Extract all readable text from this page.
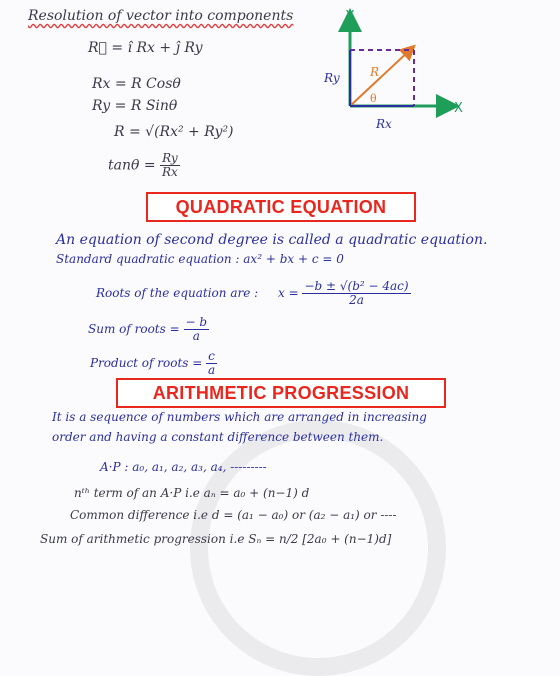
Resolution of vector into components
R⃗ = î Rx + ĵ Ry
Rx = R Cosθ
Ry = R Sinθ
R = √(Rx² + Ry²)
$\tan\theta = \frac{Ry}{Rx}$
Y
X
R
θ
Ry
Rx
QUADRATIC EQUATION
An equation of second degree is called a quadratic equation.
Standard quadratic equation : ax² + bx + c = 0
Roots of the equation are : $x = \frac{\text{−b ± √(b² − 4ac)}}{2a}$
Sum of roots = $\frac{- b}{a}$
Product of roots = $\frac{c}{a}$
ARITHMETIC PROGRESSION
It is a sequence of numbers which are arranged in increasing
order and having a constant difference between them.
A·P : a₀, a₁, a₂, a₃, a₄, ---------
nᵗʰ term of an A·P i.e aₙ = a₀ + (n−1) d
Common difference i.e d = (a₁ − a₀) or (a₂ − a₁) or ----
Sum of arithmetic progression i.e Sₙ = n/2 [2a₀ + (n−1)d]
